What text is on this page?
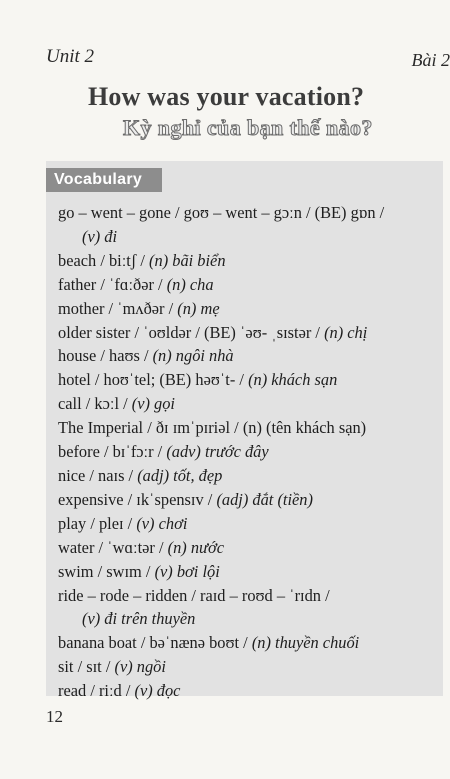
Unit 2	Bài 2
How was your vacation?
Kỳ nghỉ của bạn thế nào?
Vocabulary
go – went – gone / goʊ – went – gɔːn / (BE) gɒn /
(v) đi
beach / biːtʃ / (n) bãi biển
father / ˈfɑːðər / (n) cha
mother / ˈmʌðər / (n) mẹ
older sister / ˈoʊldər / (BE) ˈəʊ- ˌsɪstər / (n) chị
house / haʊs / (n) ngôi nhà
hotel / hoʊˈtel; (BE) həʊˈt- / (n) khách sạn
call / kɔːl / (v) gọi
The Imperial / ðɪ ɪmˈpɪriəl / (n) (tên khách sạn)
before / bɪˈfɔːr / (adv) trước đây
nice / naɪs / (adj) tốt, đẹp
expensive / ɪkˈspensɪv / (adj) đắt (tiền)
play / pleɪ / (v) chơi
water / ˈwɑːtər / (n) nước
swim / swɪm / (v) bơi lội
ride – rode – ridden / raɪd – roʊd – ˈrɪdn /
(v) đi trên thuyền
banana boat / bəˈnænə boʊt / (n) thuyền chuối
sit / sɪt / (v) ngồi
read / riːd / (v) đọc
12
